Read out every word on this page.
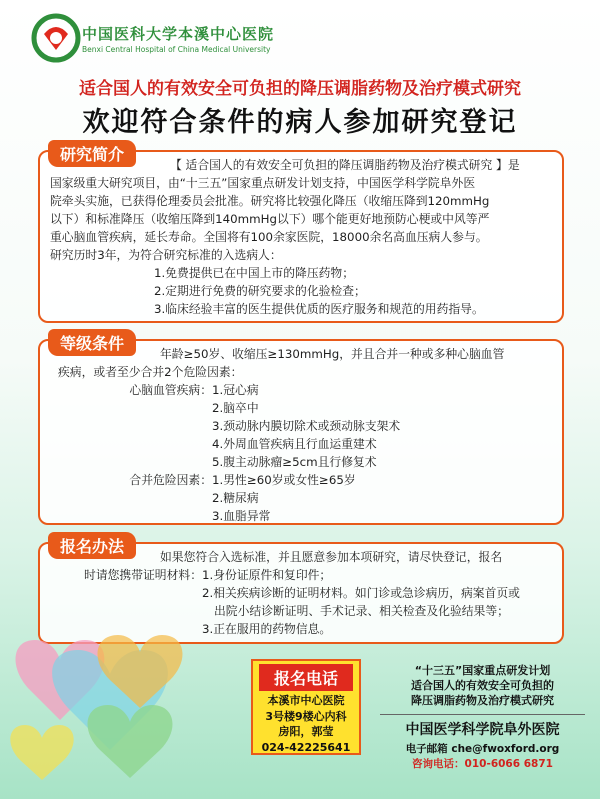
中国医科大学本溪中心医院
Benxi Central Hospital of China Medical University
适合国人的有效安全可负担的降压调脂药物及治疗模式研究
欢迎符合条件的病人参加研究登记
研究简介
【 适合国人的有效安全可负担的降压调脂药物及治疗模式研究 】是
国家级重大研究项目，由“十三五”国家重点研发计划支持，中国医学科学院阜外医
院牵头实施，已获得伦理委员会批准。研究将比较强化降压（收缩压降到120mmHg
以下）和标准降压（收缩压降到140mmHg以下）哪个能更好地预防心梗或中风等严
重心脑血管疾病，延长寿命。全国将有100余家医院，18000余名高血压病人参与。
研究历时3年，为符合研究标准的入选病人：
1.免费提供已在中国上市的降压药物；
2.定期进行免费的研究要求的化验检查；
3.临床经验丰富的医生提供优质的医疗服务和规范的用药指导。
等级条件
年龄≥50岁、收缩压≥130mmHg，并且合并一种或多种心脑血管
疾病，或者至少合并2个危险因素：
心脑血管疾病： 1.冠心病
2.脑卒中
3.颈动脉内膜切除术或颈动脉支架术
4.外周血管疾病且行血运重建术
5.腹主动脉瘤≥5cm且行修复术
合并危险因素： 1.男性≥60岁或女性≥65岁
2.糖尿病
3.血脂异常
报名办法
如果您符合入选标准，并且愿意参加本项研究，请尽快登记，报名
时请您携带证明材料： 1.身份证原件和复印件；
2.相关疾病诊断的证明材料。如门诊或急诊病历，病案首页或
出院小结诊断证明、手术记录、相关检查及化验结果等；
3.正在服用的药物信息。
报名电话
本溪市中心医院
3号楼9楼心内科
房阳，郭莹
024-42225641
“十三五”国家重点研发计划
适合国人的有效安全可负担的
降压调脂药物及治疗模式研究
中国医学科学院阜外医院
电子邮箱 che@fwoxford.org
咨询电话：010-6066 6871
